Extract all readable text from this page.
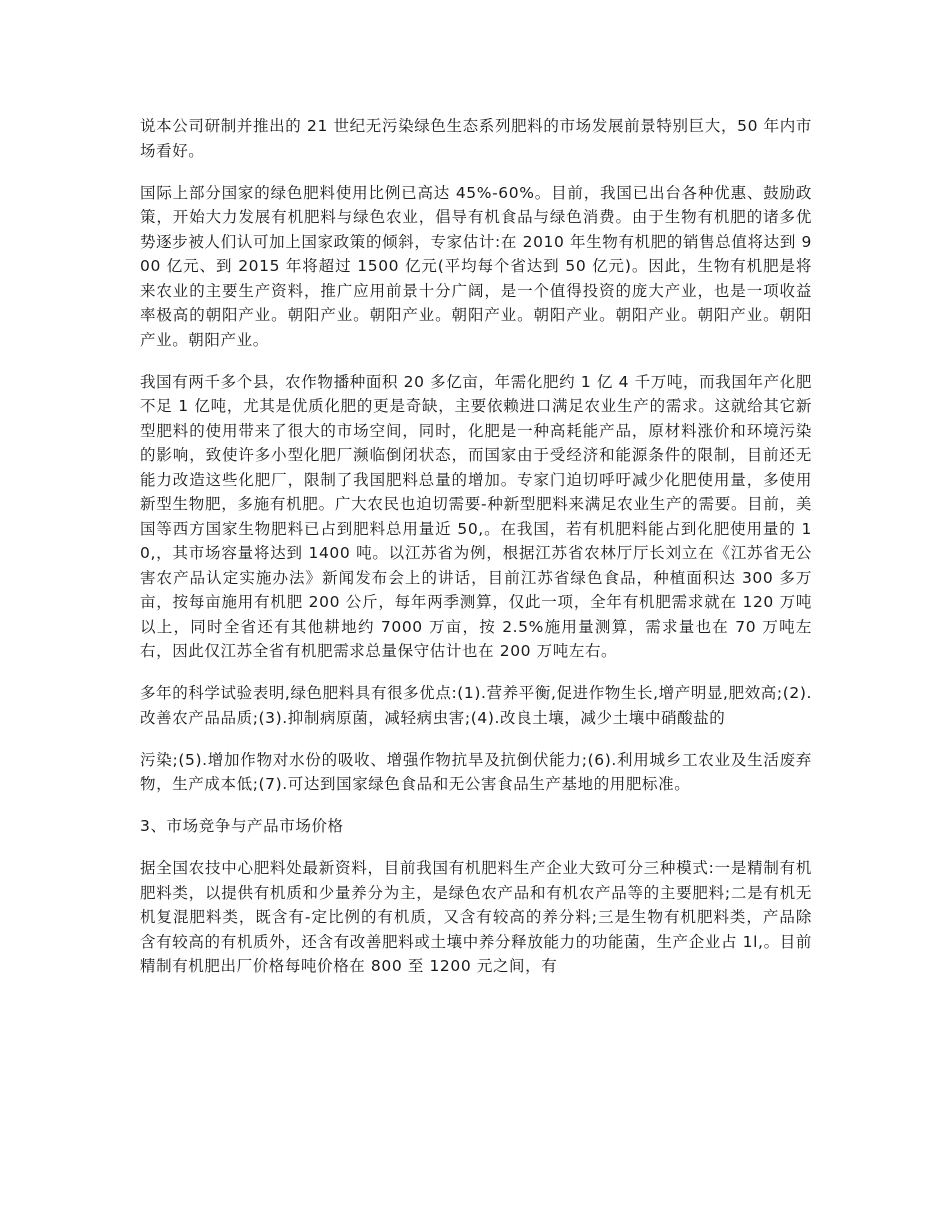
说本公司研制并推出的 21 世纪无污染绿色生态系列肥料的市场发展前景特别巨大，50 年内市场看好。

国际上部分国家的绿色肥料使用比例已高达 45%-60%。目前，我国已出台各种优惠、鼓励政策，开始大力发展有机肥料与绿色农业，倡导有机食品与绿色消费。由于生物有机肥的诸多优势逐步被人们认可加上国家政策的倾斜，专家估计:在 2010 年生物有机肥的销售总值将达到 900 亿元、到 2015 年将超过 1500 亿元(平均每个省达到 50 亿元)。因此，生物有机肥是将来农业的主要生产资料，推广应用前景十分广阔，是一个值得投资的庞大产业，也是一项收益率极高的朝阳产业。朝阳产业。朝阳产业。朝阳产业。朝阳产业。朝阳产业。朝阳产业。朝阳产业。朝阳产业。

我国有两千多个县，农作物播种面积 20 多亿亩，年需化肥约 1 亿 4 千万吨，而我国年产化肥不足 1 亿吨，尤其是优质化肥的更是奇缺，主要依赖进口满足农业生产的需求。这就给其它新型肥料的使用带来了很大的市场空间，同时，化肥是一种高耗能产品，原材料涨价和环境污染的影响，致使许多小型化肥厂濒临倒闭状态，而国家由于受经济和能源条件的限制，目前还无能力改造这些化肥厂，限制了我国肥料总量的增加。专家门迫切呼吁减少化肥使用量，多使用新型生物肥，多施有机肥。广大农民也迫切需要-种新型肥料来满足农业生产的需要。目前，美国等西方国家生物肥料已占到肥料总用量近 50,。在我国，若有机肥料能占到化肥使用量的 10,，其市场容量将达到 1400 吨。以江苏省为例，根据江苏省农林厅厅长刘立在《江苏省无公害农产品认定实施办法》新闻发布会上的讲话，目前江苏省绿色食品，种植面积达 300 多万亩，按每亩施用有机肥 200 公斤，每年两季测算，仅此一项，全年有机肥需求就在 120 万吨以上，同时全省还有其他耕地约 7000 万亩，按 2.5%施用量测算，需求量也在 70 万吨左右，因此仅江苏全省有机肥需求总量保守估计也在 200 万吨左右。

多年的科学试验表明,绿色肥料具有很多优点:(1).营养平衡,促进作物生长,增产明显,肥效高;(2).改善农产品品质;(3).抑制病原菌，减轻病虫害;(4).改良土壤，减少土壤中硝酸盐的

污染;(5).增加作物对水份的吸收、增强作物抗旱及抗倒伏能力;(6).利用城乡工农业及生活废弃物，生产成本低;(7).可达到国家绿色食品和无公害食品生产基地的用肥标准。

3、市场竞争与产品市场价格

据全国农技中心肥料处最新资料，目前我国有机肥料生产企业大致可分三种模式:一是精制有机肥料类，以提供有机质和少量养分为主，是绿色农产品和有机农产品等的主要肥料;二是有机无机复混肥料类，既含有-定比例的有机质，又含有较高的养分料;三是生物有机肥料类，产品除含有较高的有机质外，还含有改善肥料或土壤中养分释放能力的功能菌，生产企业占 1l,。目前精制有机肥出厂价格每吨价格在 800 至 1200 元之间，有
